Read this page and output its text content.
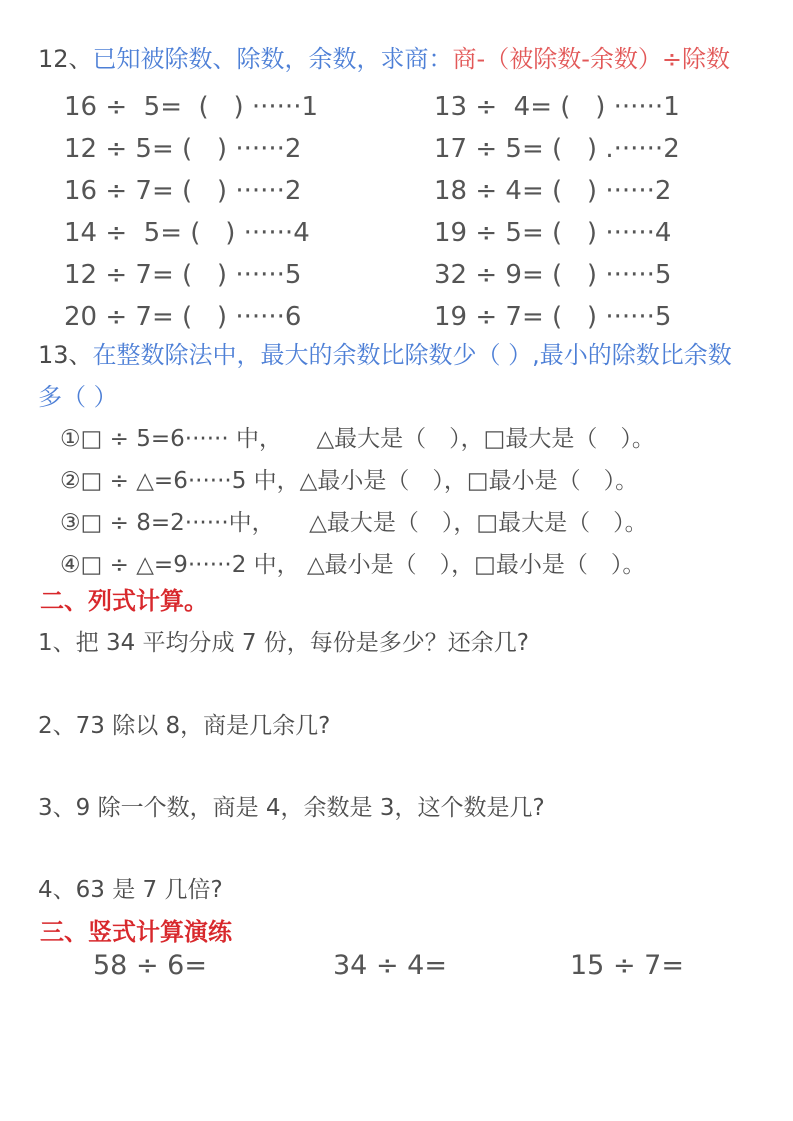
12、已知被除数、除数，余数，求商：商-（被除数-余数）÷除数
16 ÷  5=  (   ) ······1
12 ÷ 5= (   ) ······2
16 ÷ 7= (   ) ······2
14 ÷  5= (   ) ······4
12 ÷ 7= (   ) ······5
20 ÷ 7= (   ) ······6
13 ÷  4= (   ) ······1
17 ÷ 5= (   ) .······2
18 ÷ 4= (   ) ······2
19 ÷ 5= (   ) ······4
32 ÷ 9= (   ) ······5
19 ÷ 7= (   ) ······5
13、在整数除法中，最大的余数比除数少（ ）,最小的除数比余数
多（ ）
①□ ÷ 5=6······ 中，　　△最大是（　），□最大是（　）。
②□ ÷ △=6······5 中，△最小是（　），□最小是（　）。
③□ ÷ 8=2······中，　　△最大是（　），□最大是（　）。
④□ ÷ △=9······2 中， △最小是（　），□最小是（　）。
二、列式计算。
1、把 34 平均分成 7 份，每份是多少？还余几?
2、73 除以 8，商是几余几?
3、9 除一个数，商是 4，余数是 3，这个数是几?
4、63 是 7 几倍?
三、竖式计算演练
58 ÷ 6=	34 ÷ 4=	15 ÷ 7=
